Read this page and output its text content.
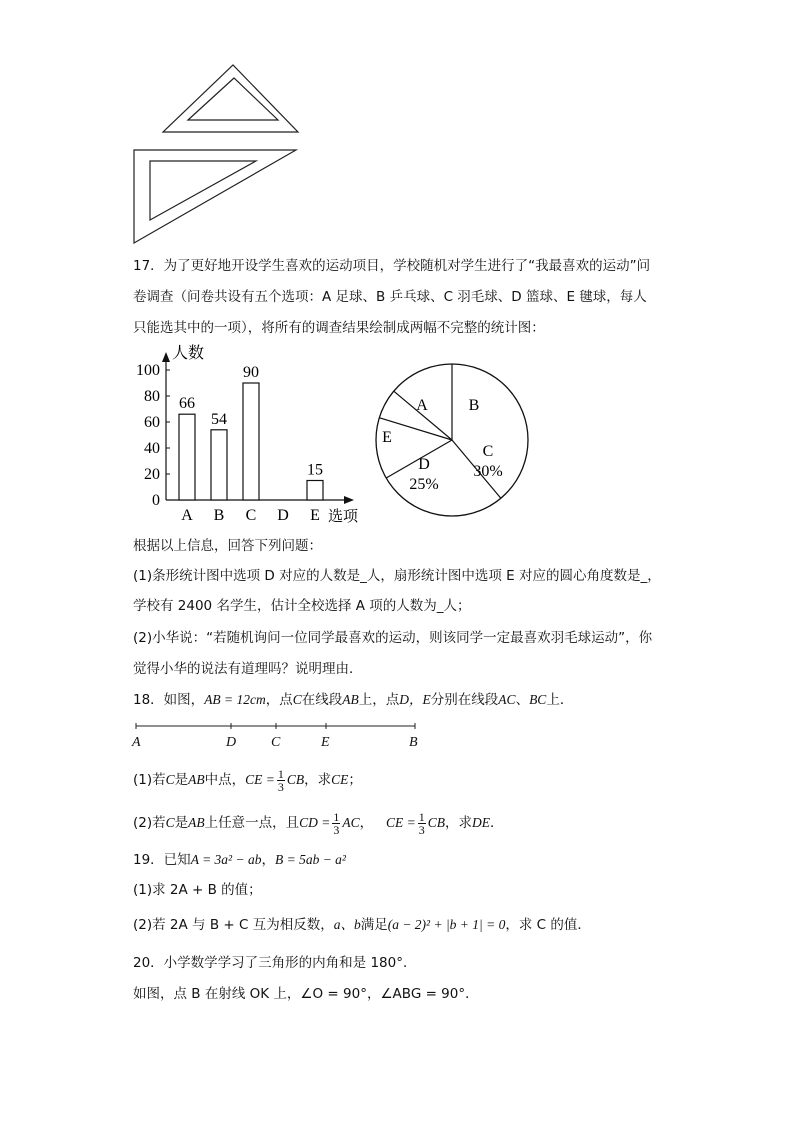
17．为了更好地开设学生喜欢的运动项目，学校随机对学生进行了“我最喜欢的运动”问
卷调查（问卷共设有五个选项：A 足球、B 乒乓球、C 羽毛球、D 篮球、E 毽球，每人
只能选其中的一项），将所有的调查结果绘制成两幅不完整的统计图：
人数
0
20
40
60
80
100
66
A
54
B
90
C D
15
E 选项
A	B
C
30%
D
25%
E
根据以上信息，回答下列问题：
(1)条形统计图中选项 D 对应的人数是_人，扇形统计图中选项 E 对应的圆心角度数是_，
学校有 2400 名学生，估计全校选择 A 项的人数为_人；
(2)小华说：“若随机询问一位同学最喜欢的运动，则该同学一定最喜欢羽毛球运动”，你
觉得小华的说法有道理吗？说明理由．
18．如图，AB = 12cm，点C在线段AB上，点D，E分别在线段AC、BC上．
A	D C	E	B
(1)若C是AB中点，CE = $\frac{1}{3}$ CB，求CE；
(2)若C是AB上任意一点，且CD = $\frac{1}{3}$ AC， CE = $\frac{1}{3}$ CB，求DE．
19．已知A = 3a² − ab，B = 5ab − a²
(1)求 2A + B 的值；
(2)若 2A 与 B + C 互为相反数，a、b满足(a − 2)² + |b + 1| = 0，求 C 的值．
20．小学数学学习了三角形的内角和是 180°．
如图，点 B 在射线 OK 上，∠O = 90°，∠ABG = 90°．
